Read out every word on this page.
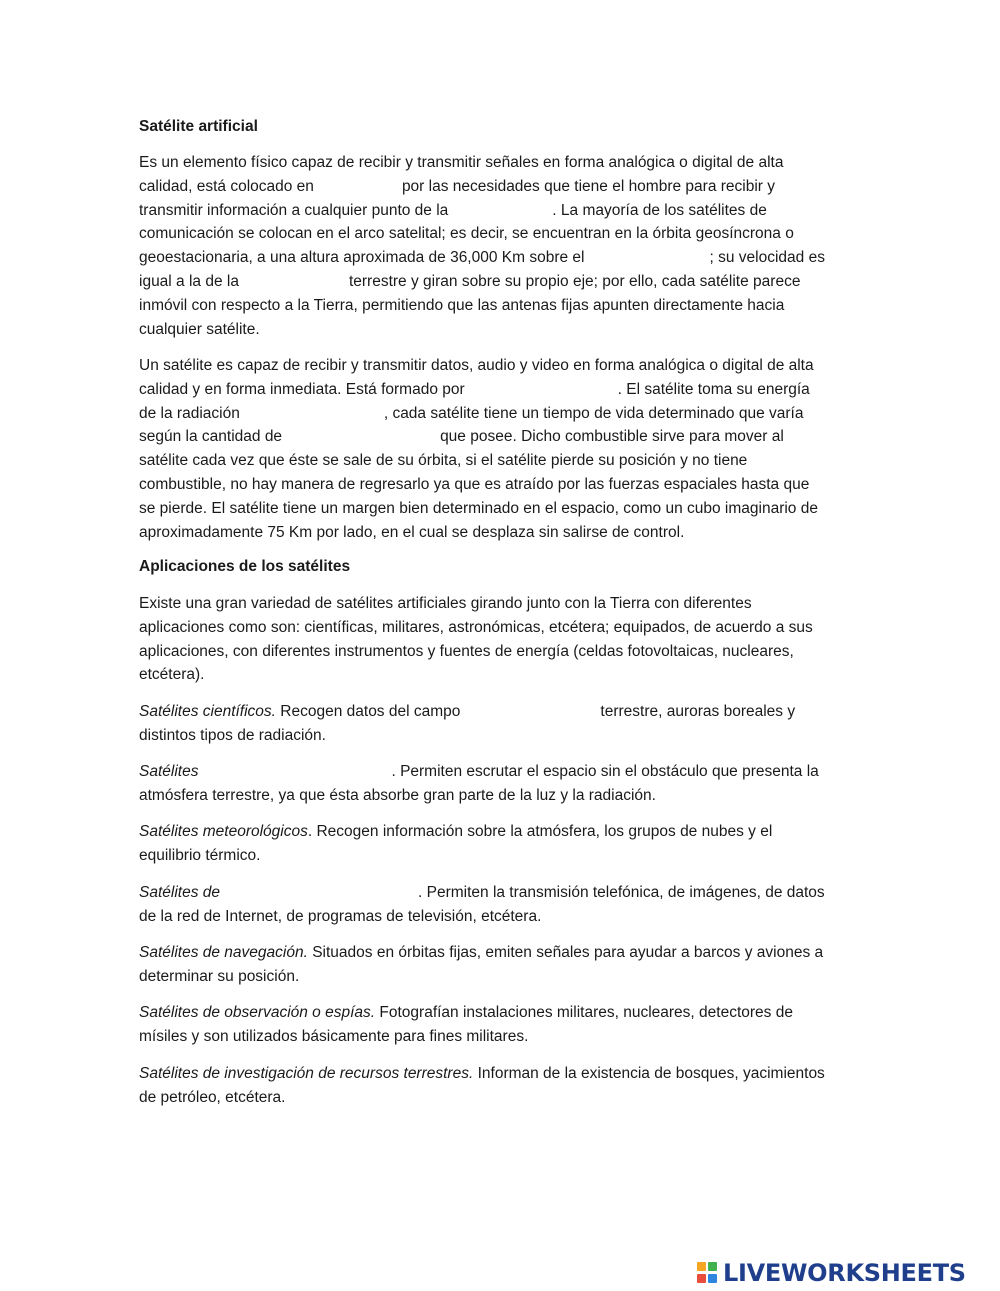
Satélite artificial
Es un elemento físico capaz de recibir y transmitir señales en forma analógica o digital de alta
calidad, está colocado en	por las necesidades que tiene el hombre para recibir y
transmitir información a cualquier punto de la	. La mayoría de los satélites de
comunicación se colocan en el arco satelital; es decir, se encuentran en la órbita geosíncrona o
geoestacionaria, a una altura aproximada de 36,000 Km sobre el	; su velocidad es
igual a la de la	terrestre y giran sobre su propio eje; por ello, cada satélite parece
inmóvil con respecto a la Tierra, permitiendo que las antenas fijas apunten directamente hacia
cualquier satélite.
Un satélite es capaz de recibir y transmitir datos, audio y video en forma analógica o digital de alta
calidad y en forma inmediata. Está formado por	. El satélite toma su energía
de la radiación	, cada satélite tiene un tiempo de vida determinado que varía
según la cantidad de	que posee. Dicho combustible sirve para mover al
satélite cada vez que éste se sale de su órbita, si el satélite pierde su posición y no tiene
combustible, no hay manera de regresarlo ya que es atraído por las fuerzas espaciales hasta que
se pierde. El satélite tiene un margen bien determinado en el espacio, como un cubo imaginario de
aproximadamente 75 Km por lado, en el cual se desplaza sin salirse de control.
Aplicaciones de los satélites
Existe una gran variedad de satélites artificiales girando junto con la Tierra con diferentes
aplicaciones como son: científicas, militares, astronómicas, etcétera; equipados, de acuerdo a sus
aplicaciones, con diferentes instrumentos y fuentes de energía (celdas fotovoltaicas, nucleares,
etcétera).
Satélites científicos. Recogen datos del campo	terrestre, auroras boreales y
distintos tipos de radiación.
Satélites	. Permiten escrutar el espacio sin el obstáculo que presenta la
atmósfera terrestre, ya que ésta absorbe gran parte de la luz y la radiación.
Satélites meteorológicos. Recogen información sobre la atmósfera, los grupos de nubes y el
equilibrio térmico.
Satélites de	. Permiten la transmisión telefónica, de imágenes, de datos
de la red de Internet, de programas de televisión, etcétera.
Satélites de navegación. Situados en órbitas fijas, emiten señales para ayudar a barcos y aviones a
determinar su posición.
Satélites de observación o espías. Fotografían instalaciones militares, nucleares, detectores de
mísiles y son utilizados básicamente para fines militares.
Satélites de investigación de recursos terrestres. Informan de la existencia de bosques, yacimientos
de petróleo, etcétera.
LIVEWORKSHEETS
